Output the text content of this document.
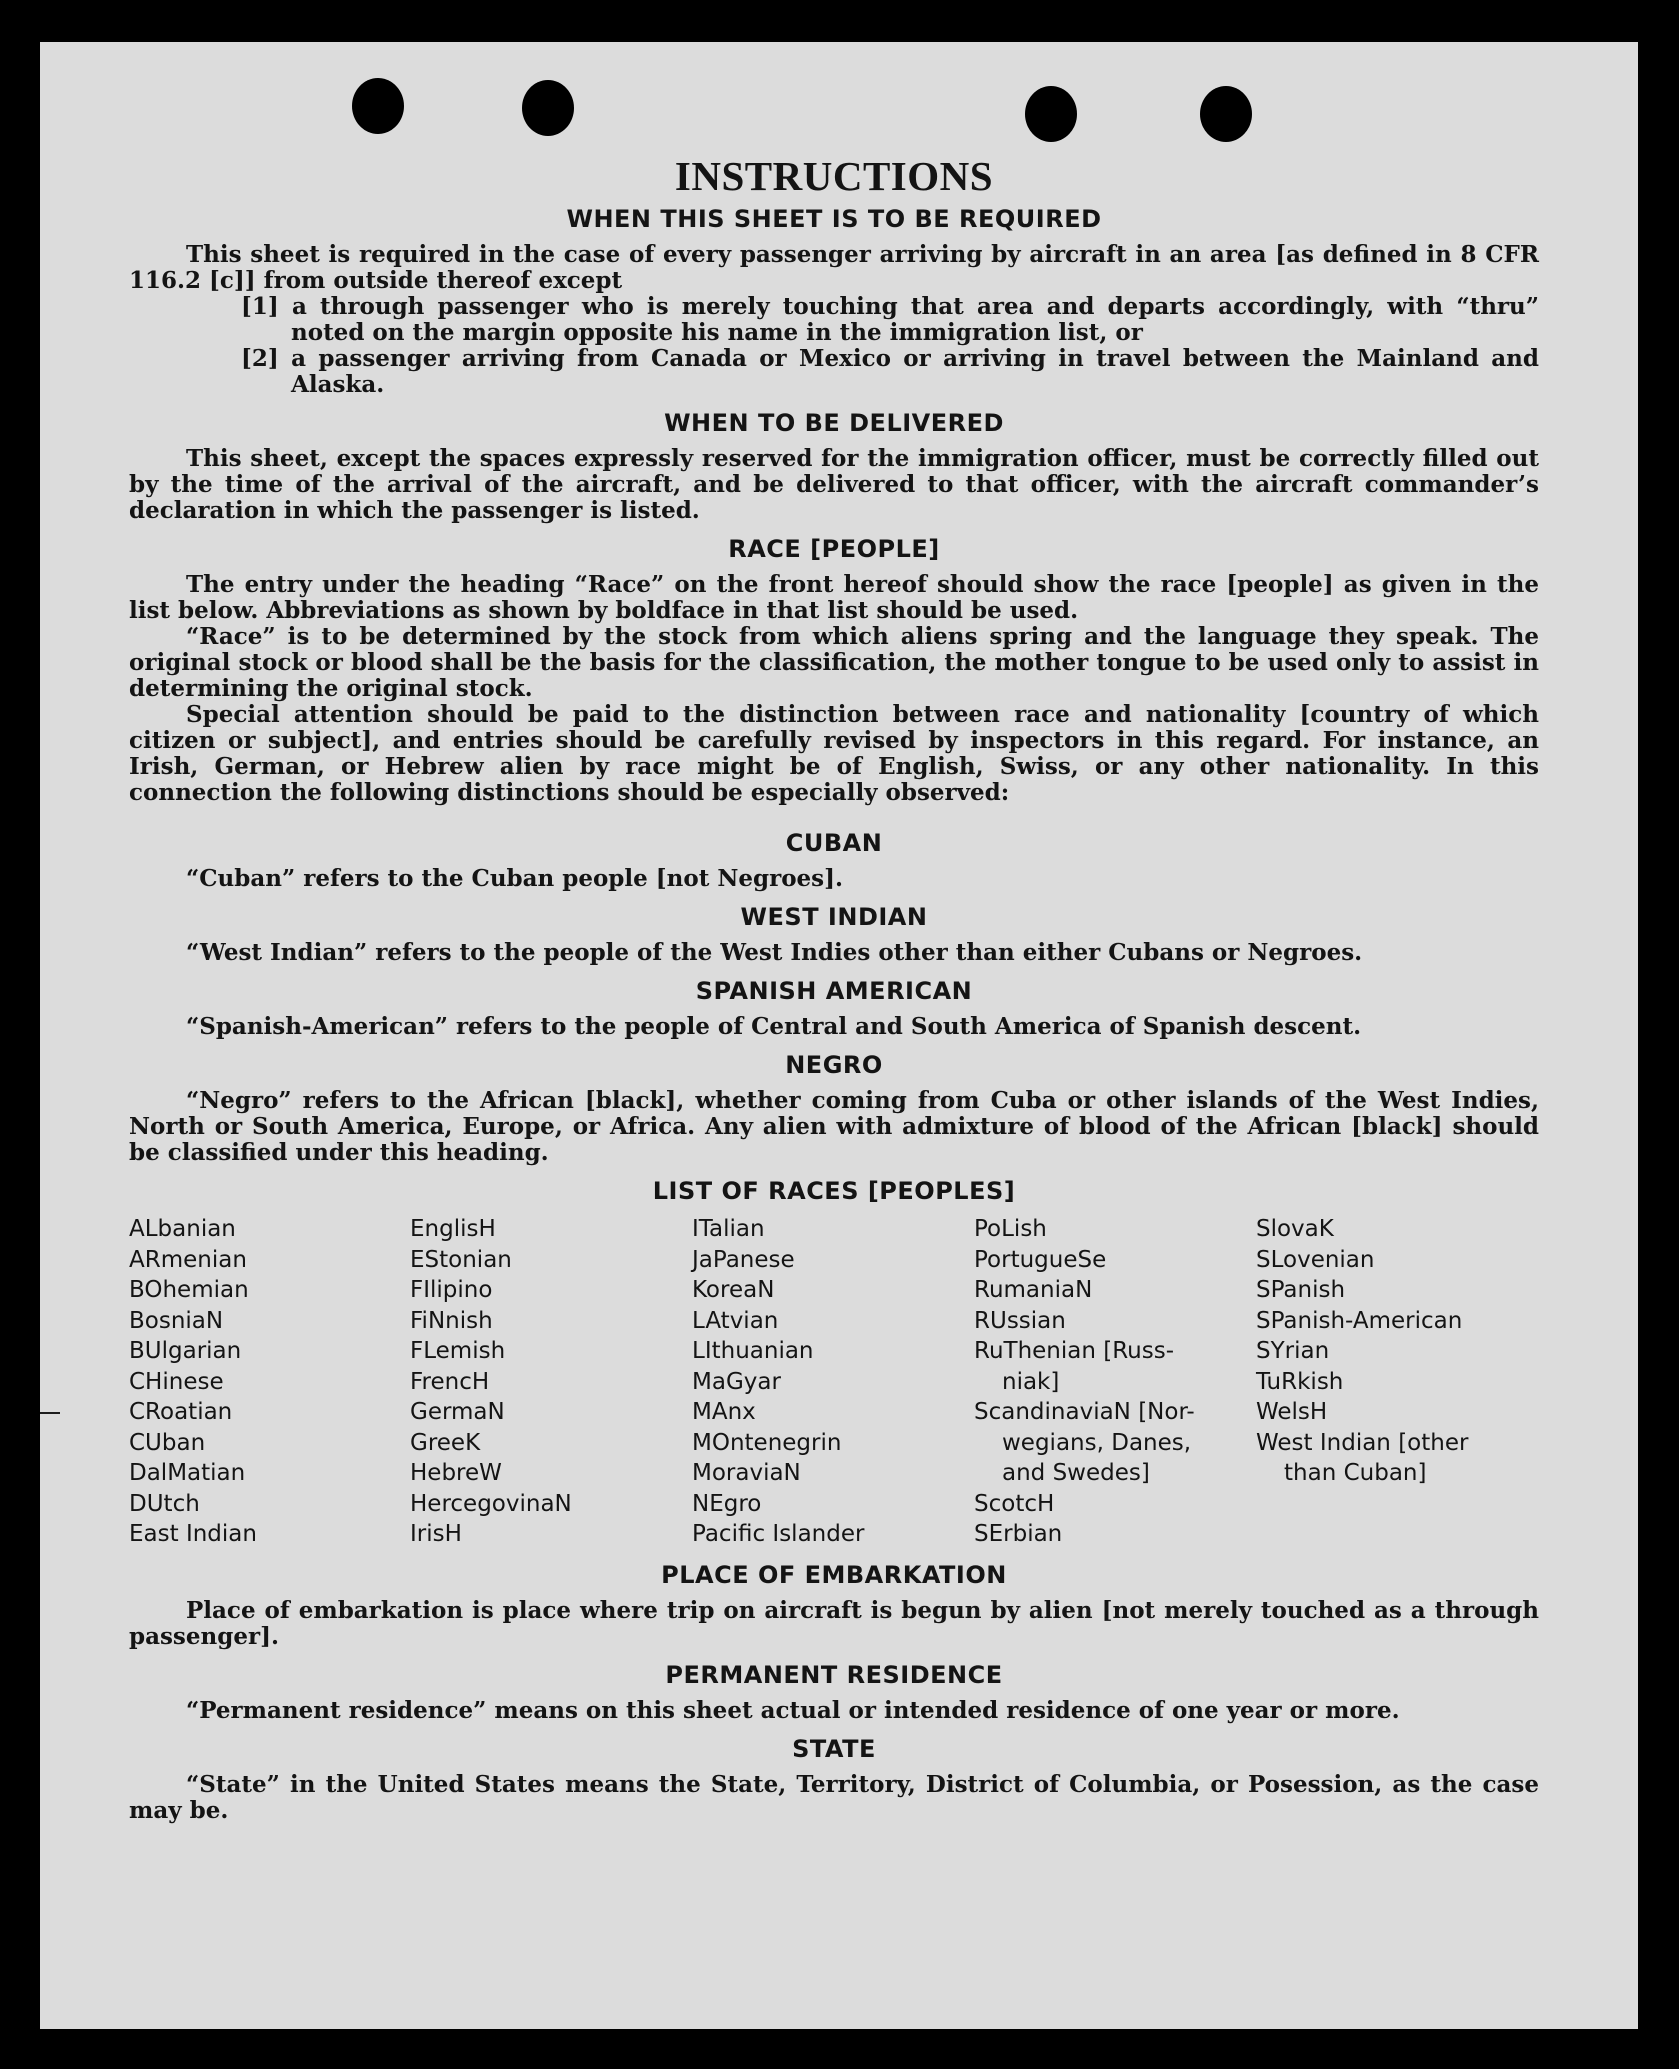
INSTRUCTIONS
WHEN THIS SHEET IS TO BE REQUIRED

This sheet is required in the case of every passenger arriving by aircraft in an area [as defined in 8 CFR 116.2 [c]] from outside thereof except

[1] a through passenger who is merely touching that area and departs accordingly, with “thru” noted on the margin opposite his name in the immigration list, or
[2] a passenger arriving from Canada or Mexico or arriving in travel between the Mainland and Alaska.
WHEN TO BE DELIVERED

This sheet, except the spaces expressly reserved for the immigration officer, must be correctly filled out by the time of the arrival of the aircraft, and be delivered to that officer, with the aircraft commander’s declaration in which the passenger is listed.

RACE [PEOPLE]

The entry under the heading “Race” on the front hereof should show the race [people] as given in the list below. Abbreviations as shown by boldface in that list should be used.

“Race” is to be determined by the stock from which aliens spring and the language they speak. The original stock or blood shall be the basis for the classification, the mother tongue to be used only to assist in determining the original stock.

Special attention should be paid to the distinction between race and nationality [country of which citizen or subject], and entries should be carefully revised by inspectors in this regard. For instance, an Irish, German, or Hebrew alien by race might be of English, Swiss, or any other nationality. In this connection the following distinctions should be especially observed:

CUBAN

“Cuban” refers to the Cuban people [not Negroes].

WEST INDIAN

“West Indian” refers to the people of the West Indies other than either Cubans or Negroes.

SPANISH AMERICAN

“Spanish-American” refers to the people of Central and South America of Spanish descent.

NEGRO

“Negro” refers to the African [black], whether coming from Cuba or other islands of the West Indies, North or South America, Europe, or Africa. Any alien with admixture of blood of the African [black] should be classified under this heading.

LIST OF RACES [PEOPLES]
ALbanian
ARmenian
BOhemian
BosniaN
BUlgarian
CHinese
CRoatian
CUban
DalMatian
DUtch
East Indian
EnglisH
EStonian
FIlipino
FiNnish
FLemish
FrencH
GermaN
GreeK
HebreW
HercegovinaN
IrisH
ITalian
JaPanese
KoreaN
LAtvian
LIthuanian
MaGyar
MAnx
MOntenegrin
MoraviaN
NEgro
Pacific Islander
PoLish
PortugueSe
RumaniaN
RUssian
RuThenian [Russ-
niak]
ScandinaviaN [Nor-
wegians, Danes,
and Swedes]
ScotcH
SErbian
SlovaK
SLovenian
SPanish
SPanish-American
SYrian
TuRkish
WelsH
West Indian [other
than Cuban]
PLACE OF EMBARKATION

Place of embarkation is place where trip on aircraft is begun by alien [not merely touched as a through passenger].

PERMANENT RESIDENCE

“Permanent residence” means on this sheet actual or intended residence of one year or more.

STATE

“State” in the United States means the State, Territory, District of Columbia, or Posession, as the case may be.
